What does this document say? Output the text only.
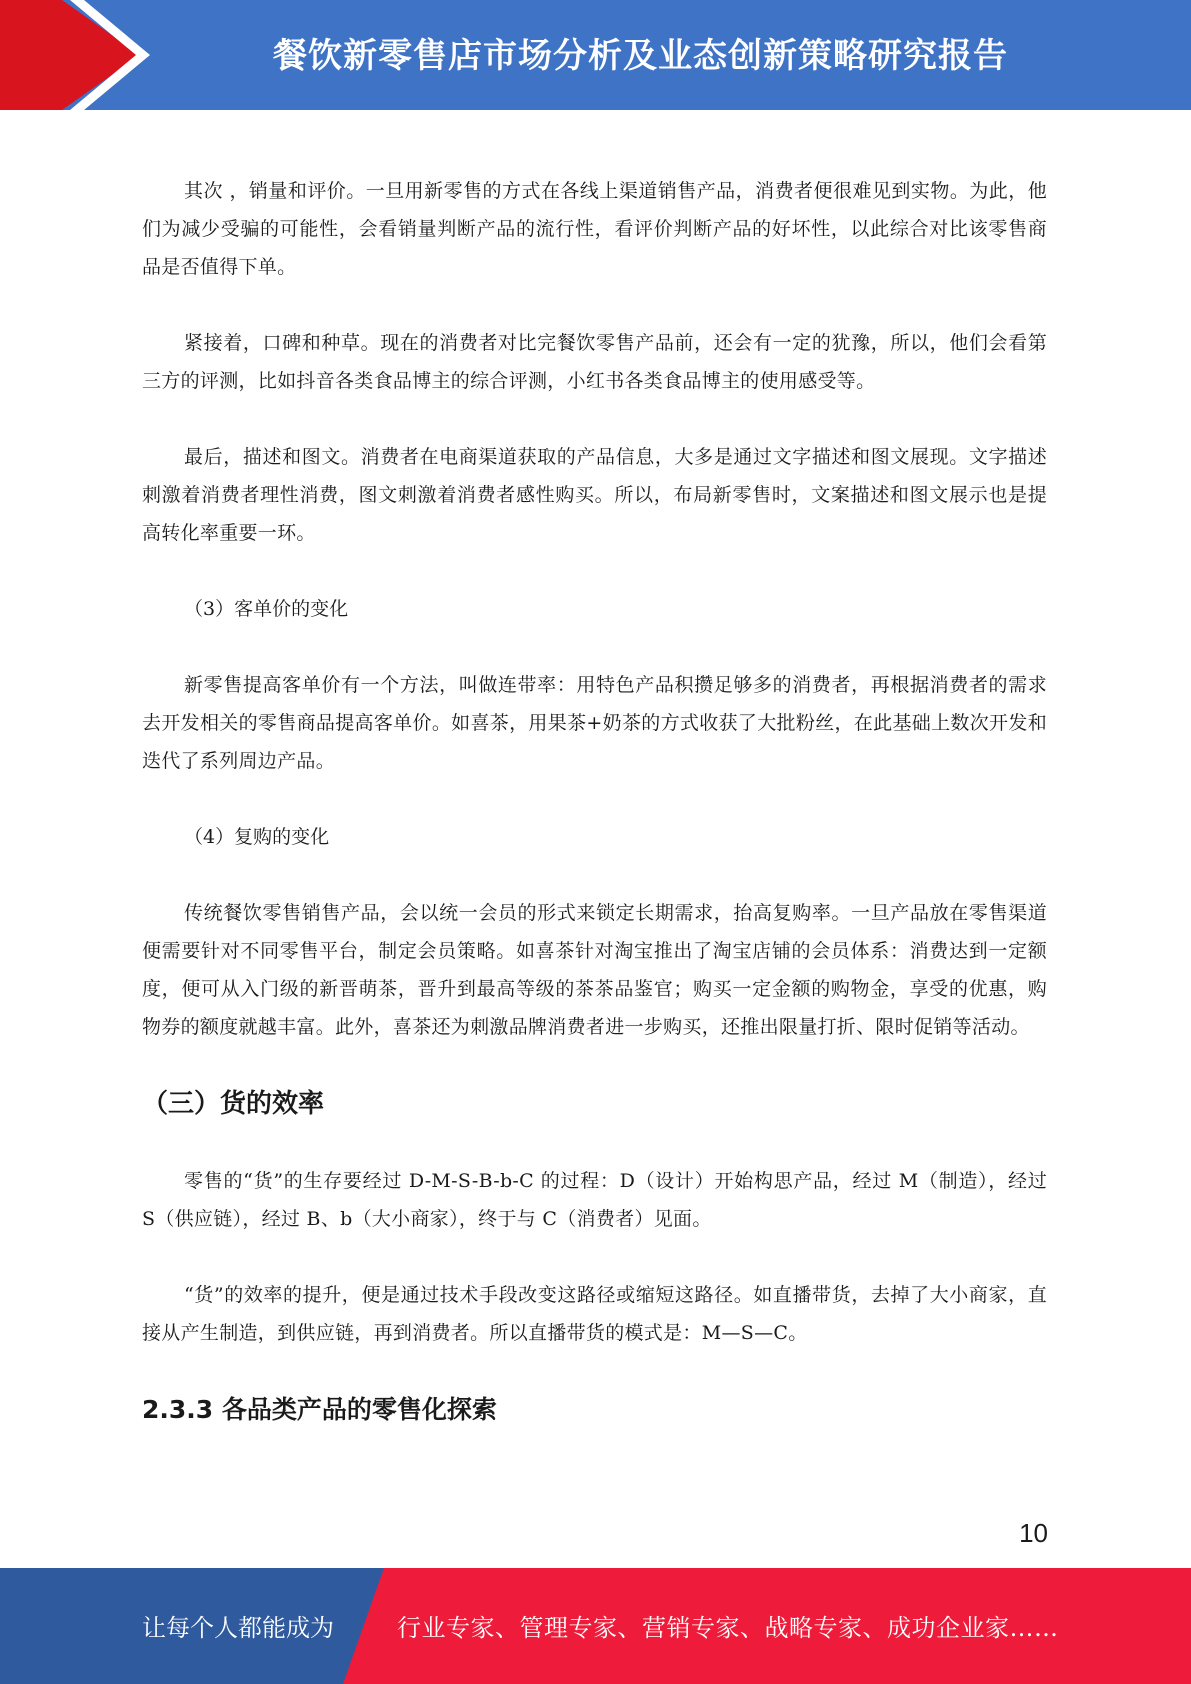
餐饮新零售店市场分析及业态创新策略研究报告

其次 ，销量和评价。一旦用新零售的方式在各线上渠道销售产品，消费者便很难见到实物。为此，他们为减少受骗的可能性，会看销量判断产品的流行性，看评价判断产品的好坏性，以此综合对比该零售商品是否值得下单。

紧接着，口碑和种草。现在的消费者对比完餐饮零售产品前，还会有一定的犹豫，所以，他们会看第三方的评测，比如抖音各类食品博主的综合评测，小红书各类食品博主的使用感受等。

最后，描述和图文。消费者在电商渠道获取的产品信息，大多是通过文字描述和图文展现。文字描述刺激着消费者理性消费，图文刺激着消费者感性购买。所以，布局新零售时，文案描述和图文展示也是提高转化率重要一环。

（3）客单价的变化

新零售提高客单价有一个方法，叫做连带率：用特色产品积攒足够多的消费者，再根据消费者的需求去开发相关的零售商品提高客单价。如喜茶，用果茶+奶茶的方式收获了大批粉丝，在此基础上数次开发和迭代了系列周边产品。

（4）复购的变化

传统餐饮零售销售产品，会以统一会员的形式来锁定长期需求，抬高复购率。一旦产品放在零售渠道便需要针对不同零售平台，制定会员策略。如喜茶针对淘宝推出了淘宝店铺的会员体系：消费达到一定额度，便可从入门级的新晋萌茶，晋升到最高等级的茶茶品鉴官；购买一定金额的购物金，享受的优惠，购物券的额度就越丰富。此外，喜茶还为刺激品牌消费者进一步购买，还推出限量打折、限时促销等活动。

（三）货的效率

零售的“货”的生存要经过 D-M-S-B-b-C 的过程：D（设计）开始构思产品，经过 M（制造），经过 S（供应链），经过 B、b（大小商家），终于与 C（消费者）见面。

“货”的效率的提升，便是通过技术手段改变这路径或缩短这路径。如直播带货，去掉了大小商家，直接从产生制造，到供应链，再到消费者。所以直播带货的模式是：M—S—C。

2.3.3 各品类产品的零售化探索
10
让每个人都能成为	行业专家、管理专家、营销专家、战略专家、成功企业家……
